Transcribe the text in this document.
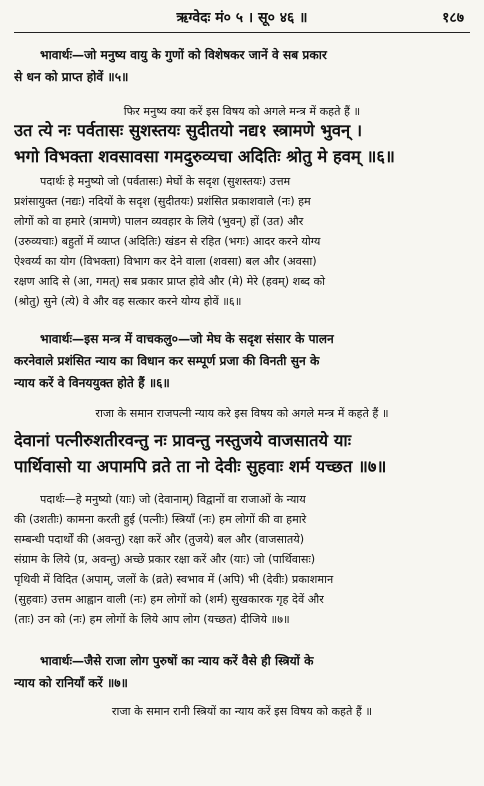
ऋग्वेदः मं० ५ । सू० ४६ ॥	१८७
भावार्थः—जो मनुष्य वायु के गुणों को विशेषकर जानें वे सब प्रकार
से धन को प्राप्त होवें ॥५॥
फिर मनुष्य क्या करें इस विषय को अगले मन्त्र में कहते हैं ॥
उत त्ये नः पर्वतासः सुशस्तयः सुदीतयो नद्य१ स्त्रामणे भुवन् ।
भगो विभक्ता शवसावसा गमदुरुव्यचा अदितिः श्रोतु मे हवम् ॥६॥
पदार्थः हे मनुष्यो जो (पर्वतासः) मेघों के सदृश (सुशस्तयः) उत्तम
प्रशंसायुक्त (नद्यः) नदियों के सदृश (सुदीतयः) प्रशंसित प्रकाशवाले (नः) हम
लोगों को वा हमारे (त्रामणे) पालन व्यवहार के लिये (भुवन्) हों (उत) और
(उरुव्यचाः) बहुतों में व्याप्त (अदितिः) खंडन से रहित (भगः) आदर करने योग्य
ऐश्वर्य्य का योग (विभक्ता) विभाग कर देने वाला (शवसा) बल और (अवसा)
रक्षण आदि से (आ, गमत्) सब प्रकार प्राप्त होवे और (मे) मेरे (हवम्) शब्द को
(श्रोतु) सुने (त्ये) वे और वह सत्कार करने योग्य होवें ॥६॥
भावार्थः—इस मन्त्र में वाचकलु०—जो मेघ के सदृश संसार के पालन
करनेवाले प्रशंसित न्याय का विधान कर सम्पूर्ण प्रजा की विनती सुन के
न्याय करें वे विनययुक्त होते हैं ॥६॥
राजा के समान राजपत्नी न्याय करे इस विषय को अगले मन्त्र में कहते हैं ॥
देवानां पत्नीरुशतीरवन्तु नः प्रावन्तु नस्तुजये वाजसातये याः
पार्थिवासो या अपामपि व्रते ता नो देवीः सुहवाः शर्म यच्छत ॥७॥
पदार्थः—हे मनुष्यो (याः) जो (देवानाम्) विद्वानों वा राजाओं के न्याय
की (उशतीः) कामना करती हुई (पत्नीः) स्त्रियाँ (नः) हम लोगों की वा हमारे
सम्बन्धी पदार्थों की (अवन्तु) रक्षा करें और (तुजये) बल और (वाजसातये)
संग्राम के लिये (प्र, अवन्तु) अच्छे प्रकार रक्षा करें और (याः) जो (पार्थिवासः)
पृथिवी में विदित (अपाम्, जलों के (व्रते) स्वभाव में (अपि) भी (देवीः) प्रकाशमान
(सुहवाः) उत्तम आह्वान वाली (नः) हम लोगों को (शर्म) सुखकारक गृह देवें और
(ताः) उन को (नः) हम लोगों के लिये आप लोग (यच्छत) दीजिये ॥७॥
भावार्थः—जैसे राजा लोग पुरुषों का न्याय करें वैसे ही स्त्रियों के
न्याय को रानियाँ करें ॥७॥
राजा के समान रानी स्त्रियों का न्याय करें इस विषय को कहते हैं ॥
